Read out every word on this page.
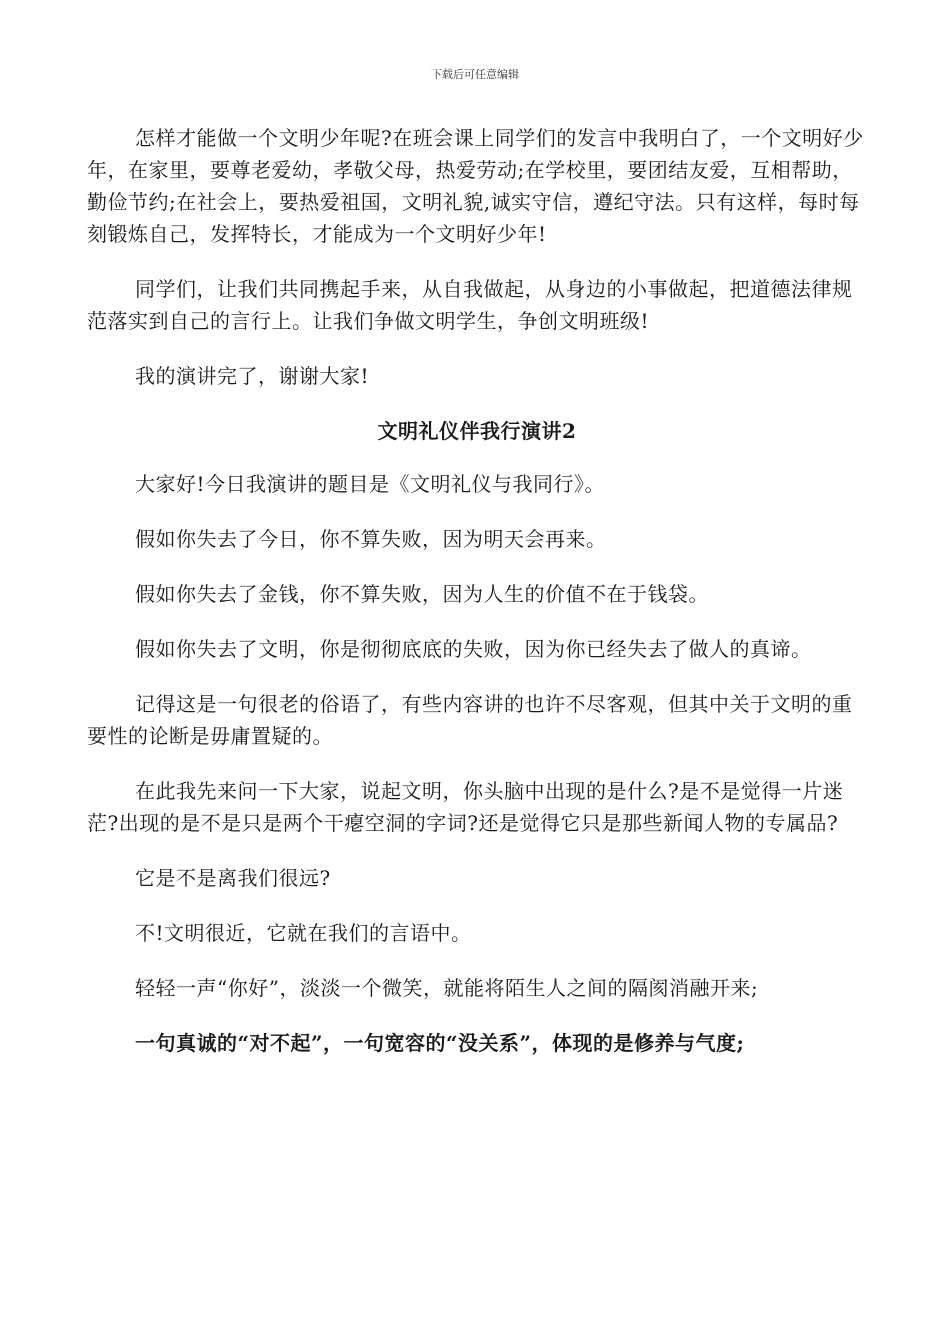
下载后可任意编辑

怎样才能做一个文明少年呢?在班会课上同学们的发言中我明白了，一个文明好少年，在家里，要尊老爱幼，孝敬父母，热爱劳动;在学校里，要团结友爱，互相帮助，勤俭节约;在社会上，要热爱祖国，文明礼貌,诚实守信，遵纪守法。只有这样，每时每刻锻炼自己，发挥特长，才能成为一个文明好少年!

同学们，让我们共同携起手来，从自我做起，从身边的小事做起，把道德法律规范落实到自己的言行上。让我们争做文明学生，争创文明班级!

我的演讲完了，谢谢大家!

文明礼仪伴我行演讲2

大家好!今日我演讲的题目是《文明礼仪与我同行》。

假如你失去了今日，你不算失败，因为明天会再来。

假如你失去了金钱，你不算失败，因为人生的价值不在于钱袋。

假如你失去了文明，你是彻彻底底的失败，因为你已经失去了做人的真谛。

记得这是一句很老的俗语了，有些内容讲的也许不尽客观，但其中关于文明的重要性的论断是毋庸置疑的。

在此我先来问一下大家，说起文明，你头脑中出现的是什么?是不是觉得一片迷茫?出现的是不是只是两个干瘪空洞的字词?还是觉得它只是那些新闻人物的专属品?

它是不是离我们很远?

不!文明很近，它就在我们的言语中。

轻轻一声“你好”，淡淡一个微笑，就能将陌生人之间的隔阂消融开来;

一句真诚的“对不起”，一句宽容的“没关系”，体现的是修养与气度;
